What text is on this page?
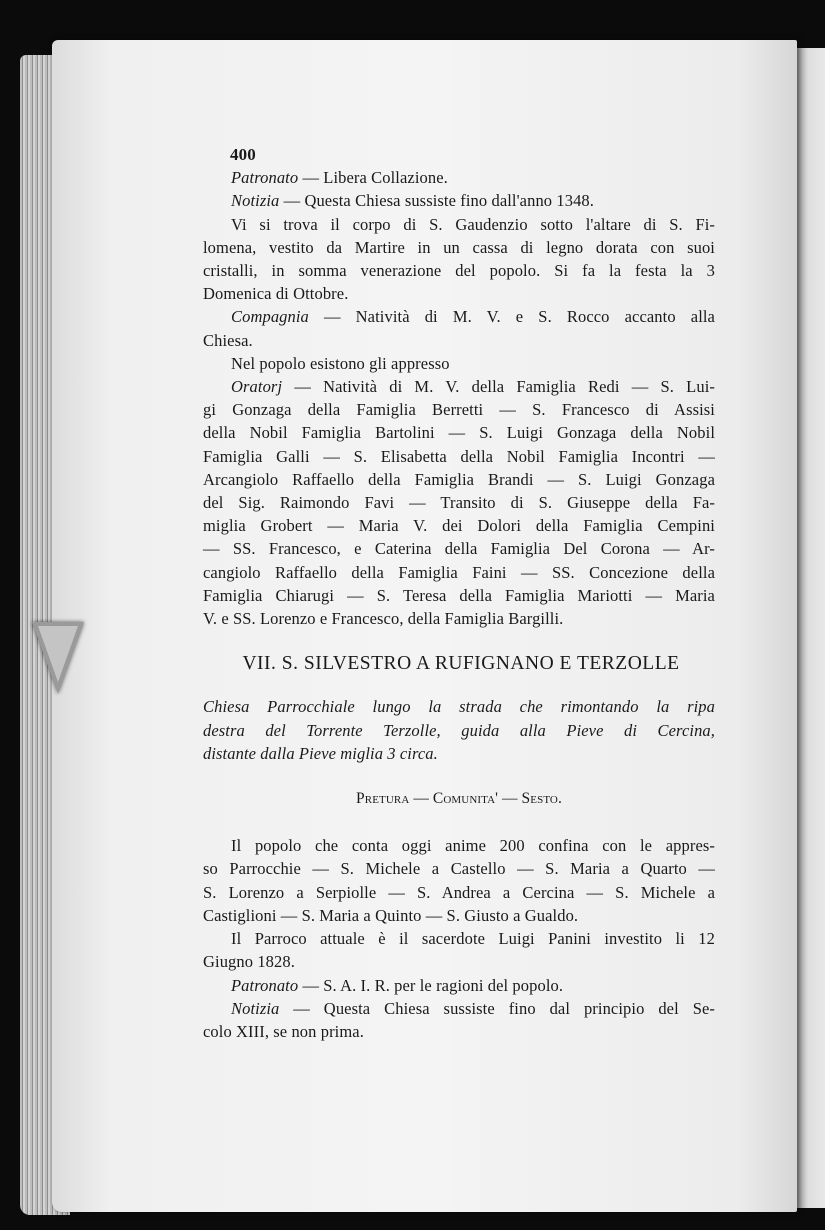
400
Patronato — Libera Collazione.
Notizia — Questa Chiesa sussiste fino dall'anno 1348.
Vi si trova il corpo di S. Gaudenzio sotto l'altare di S. Fi-
lomena, vestito da Martire in un cassa di legno dorata con suoi
cristalli, in somma venerazione del popolo. Si fa la festa la 3
Domenica di Ottobre.
Compagnia — Natività di M. V. e S. Rocco accanto alla
Chiesa.
Nel popolo esistono gli appresso
Oratorj — Natività di M. V. della Famiglia Redi — S. Lui-
gi Gonzaga della Famiglia Berretti — S. Francesco di Assisi
della Nobil Famiglia Bartolini — S. Luigi Gonzaga della Nobil
Famiglia Galli — S. Elisabetta della Nobil Famiglia Incontri —
Arcangiolo Raffaello della Famiglia Brandi — S. Luigi Gonzaga
del Sig. Raimondo Favi — Transito di S. Giuseppe della Fa-
miglia Grobert — Maria V. dei Dolori della Famiglia Cempini
— SS. Francesco, e Caterina della Famiglia Del Corona — Ar-
cangiolo Raffaello della Famiglia Faini — SS. Concezione della
Famiglia Chiarugi — S. Teresa della Famiglia Mariotti — Maria
V. e SS. Lorenzo e Francesco, della Famiglia Bargilli.
VII. S. SILVESTRO A RUFIGNANO E TERZOLLE
Chiesa Parrocchiale lungo la strada che rimontando la ripa
destra del Torrente Terzolle, guida alla Pieve di Cercina,
distante dalla Pieve miglia 3 circa.
Pretura — Comunita' — Sesto.
Il popolo che conta oggi anime 200 confina con le appres-
so Parrocchie — S. Michele a Castello — S. Maria a Quarto —
S. Lorenzo a Serpiolle — S. Andrea a Cercina — S. Michele a
Castiglioni — S. Maria a Quinto — S. Giusto a Gualdo.
Il Parroco attuale è il sacerdote Luigi Panini investito li 12
Giugno 1828.
Patronato — S. A. I. R. per le ragioni del popolo.
Notizia — Questa Chiesa sussiste fino dal principio del Se-
colo XIII, se non prima.
